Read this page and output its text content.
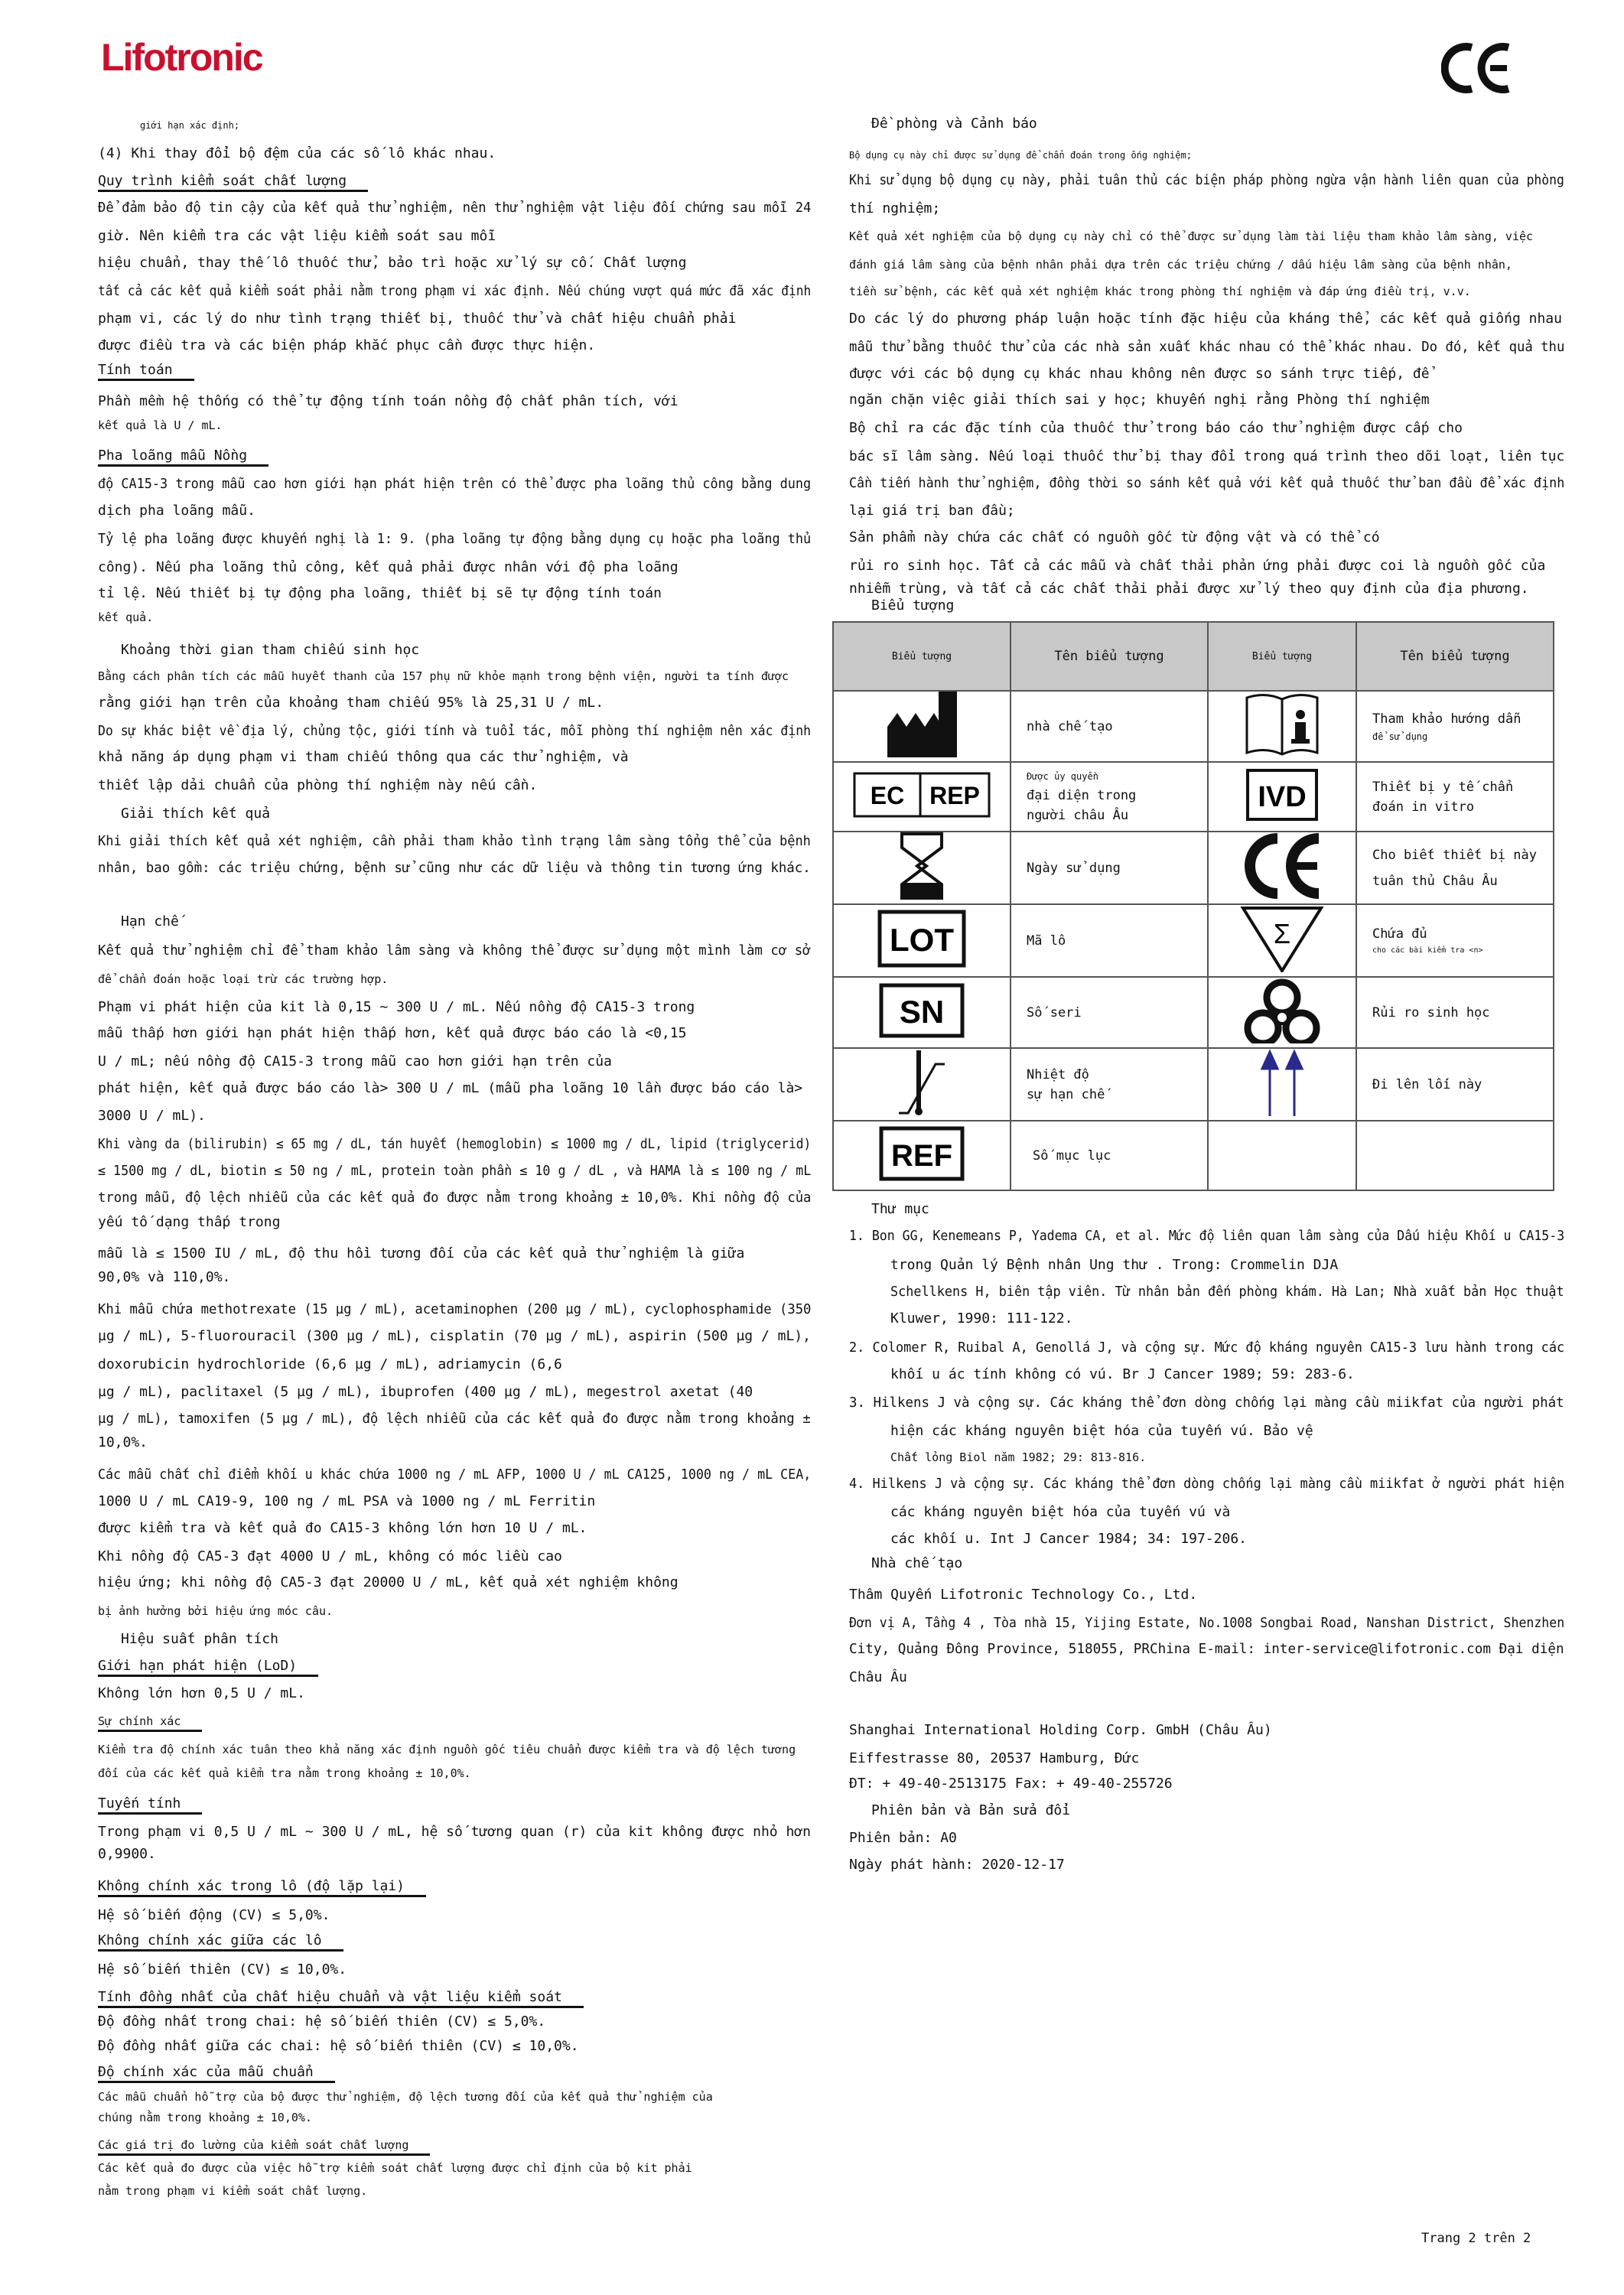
Lifotronic
giới hạn xác định;
(4) Khi thay đổi bộ đệm của các số lô khác nhau.
Quy trình kiểm soát chất lượng
Để đảm bảo độ tin cậy của kết quả thử nghiệm, nên thử nghiệm vật liệu đối chứng sau mỗi 24
giờ. Nên kiểm tra các vật liệu kiểm soát sau mỗi
hiệu chuẩn, thay thế lô thuốc thử, bảo trì hoặc xử lý sự cố. Chất lượng
tất cả các kết quả kiểm soát phải nằm trong phạm vi xác định. Nếu chúng vượt quá mức đã xác định
phạm vi, các lý do như tình trạng thiết bị, thuốc thử và chất hiệu chuẩn phải
được điều tra và các biện pháp khắc phục cần được thực hiện.
Tính toán
Phần mềm hệ thống có thể tự động tính toán nồng độ chất phân tích, với
kết quả là U / mL.
Pha loãng mẫu Nồng
độ CA15-3 trong mẫu cao hơn giới hạn phát hiện trên có thể được pha loãng thủ công bằng dung
dịch pha loãng mẫu.
Tỷ lệ pha loãng được khuyến nghị là 1: 9. (pha loãng tự động bằng dụng cụ hoặc pha loãng thủ
công). Nếu pha loãng thủ công, kết quả phải được nhân với độ pha loãng
tỉ lệ. Nếu thiết bị tự động pha loãng, thiết bị sẽ tự động tính toán
kết quả.
Khoảng thời gian tham chiếu sinh học
Bằng cách phân tích các mẫu huyết thanh của 157 phụ nữ khỏe mạnh trong bệnh viện, người ta tính được
rằng giới hạn trên của khoảng tham chiếu 95% là 25,31 U / mL.
Do sự khác biệt về địa lý, chủng tộc, giới tính và tuổi tác, mỗi phòng thí nghiệm nên xác định
khả năng áp dụng phạm vi tham chiếu thông qua các thử nghiệm, và
thiết lập dải chuẩn của phòng thí nghiệm này nếu cần.
Giải thích kết quả
Khi giải thích kết quả xét nghiệm, cần phải tham khảo tình trạng lâm sàng tổng thể của bệnh
nhân, bao gồm: các triệu chứng, bệnh sử cũng như các dữ liệu và thông tin tương ứng khác.
Hạn chế
Kết quả thử nghiệm chỉ để tham khảo lâm sàng và không thể được sử dụng một mình làm cơ sở
để chẩn đoán hoặc loại trừ các trường hợp.
Phạm vi phát hiện của kit là 0,15 ~ 300 U / mL. Nếu nồng độ CA15-3 trong
mẫu thấp hơn giới hạn phát hiện thấp hơn, kết quả được báo cáo là <0,15
U / mL; nếu nồng độ CA15-3 trong mẫu cao hơn giới hạn trên của
phát hiện, kết quả được báo cáo là> 300 U / mL (mẫu pha loãng 10 lần được báo cáo là>
3000 U / mL).
Khi vàng da (bilirubin) ≤ 65 mg / dL, tán huyết (hemoglobin) ≤ 1000 mg / dL, lipid (triglycerid)
≤ 1500 mg / dL, biotin ≤ 50 ng / mL, protein toàn phần ≤ 10 g / dL , và HAMA là ≤ 100 ng / mL
trong mẫu, độ lệch nhiễu của các kết quả đo được nằm trong khoảng ± 10,0%. Khi nồng độ của
yếu tố dạng thấp trong
mẫu là ≤ 1500 IU / mL, độ thu hồi tương đối của các kết quả thử nghiệm là giữa
90,0% và 110,0%.
Khi mẫu chứa methotrexate (15 µg / mL), acetaminophen (200 µg / mL), cyclophosphamide (350
µg / mL), 5-fluorouracil (300 µg / mL), cisplatin (70 µg / mL), aspirin (500 µg / mL),
doxorubicin hydrochloride (6,6 µg / mL), adriamycin (6,6
µg / mL), paclitaxel (5 µg / mL), ibuprofen (400 µg / mL), megestrol axetat (40
µg / mL), tamoxifen (5 µg / mL), độ lệch nhiễu của các kết quả đo được nằm trong khoảng ±
10,0%.
Các mẫu chất chỉ điểm khối u khác chứa 1000 ng / mL AFP, 1000 U / mL CA125, 1000 ng / mL CEA,
1000 U / mL CA19-9, 100 ng / mL PSA và 1000 ng / mL Ferritin
được kiểm tra và kết quả đo CA15-3 không lớn hơn 10 U / mL.
Khi nồng độ CA5-3 đạt 4000 U / mL, không có móc liều cao
hiệu ứng; khi nồng độ CA5-3 đạt 20000 U / mL, kết quả xét nghiệm không
bị ảnh hưởng bởi hiệu ứng móc câu.
Hiệu suất phân tích
Giới hạn phát hiện (LoD)
Không lớn hơn 0,5 U / mL.
Sự chính xác
Kiểm tra độ chính xác tuân theo khả năng xác định nguồn gốc tiêu chuẩn được kiểm tra và độ lệch tương
đối của các kết quả kiểm tra nằm trong khoảng ± 10,0%.
Tuyến tính
Trong phạm vi 0,5 U / mL ~ 300 U / mL, hệ số tương quan (r) của kit không được nhỏ hơn
0,9900.
Không chính xác trong lô (độ lặp lại)
Hệ số biến động (CV) ≤ 5,0%.
Không chính xác giữa các lô
Hệ số biến thiên (CV) ≤ 10,0%.
Tính đồng nhất của chất hiệu chuẩn và vật liệu kiểm soát
Độ đồng nhất trong chai: hệ số biến thiên (CV) ≤ 5,0%.
Độ đồng nhất giữa các chai: hệ số biến thiên (CV) ≤ 10,0%.
Độ chính xác của mẫu chuẩn
Các mẫu chuẩn hỗ trợ của bộ được thử nghiệm, độ lệch tương đối của kết quả thử nghiệm của
chúng nằm trong khoảng ± 10,0%.
Các giá trị đo lường của kiểm soát chất lượng
Các kết quả đo được của việc hỗ trợ kiểm soát chất lượng được chỉ định của bộ kit phải
nằm trong phạm vi kiểm soát chất lượng.
Đề phòng và Cảnh báo
Bộ dụng cụ này chỉ được sử dụng để chẩn đoán trong ống nghiệm;
Khi sử dụng bộ dụng cụ này, phải tuân thủ các biện pháp phòng ngừa vận hành liên quan của phòng
thí nghiệm;
Kết quả xét nghiệm của bộ dụng cụ này chỉ có thể được sử dụng làm tài liệu tham khảo lâm sàng, việc
đánh giá lâm sàng của bệnh nhân phải dựa trên các triệu chứng / dấu hiệu lâm sàng của bệnh nhân,
tiền sử bệnh, các kết quả xét nghiệm khác trong phòng thí nghiệm và đáp ứng điều trị, v.v.
Do các lý do phương pháp luận hoặc tính đặc hiệu của kháng thể, các kết quả giống nhau
mẫu thử bằng thuốc thử của các nhà sản xuất khác nhau có thể khác nhau. Do đó, kết quả thu
được với các bộ dụng cụ khác nhau không nên được so sánh trực tiếp, để
ngăn chặn việc giải thích sai y học; khuyến nghị rằng Phòng thí nghiệm
Bộ chỉ ra các đặc tính của thuốc thử trong báo cáo thử nghiệm được cấp cho
bác sĩ lâm sàng. Nếu loại thuốc thử bị thay đổi trong quá trình theo dõi loạt, liên tục
Cần tiến hành thử nghiệm, đồng thời so sánh kết quả với kết quả thuốc thử ban đầu để xác định
lại giá trị ban đầu;
Sản phẩm này chứa các chất có nguồn gốc từ động vật và có thể có
rủi ro sinh học. Tất cả các mẫu và chất thải phản ứng phải được coi là nguồn gốc của
nhiễm trùng, và tất cả các chất thải phải được xử lý theo quy định của địa phương.
Biểu tượng
Thư mục
1. Bon GG, Kenemeans P, Yadema CA, et al. Mức độ liên quan lâm sàng của Dấu hiệu Khối u CA15-3
trong Quản lý Bệnh nhân Ung thư . Trong: Crommelin DJA
Schellkens H, biên tập viên. Từ nhân bản đến phòng khám. Hà Lan; Nhà xuất bản Học thuật
Kluwer, 1990: 111-122.
2. Colomer R, Ruibal A, Genollá J, và cộng sự. Mức độ kháng nguyên CA15-3 lưu hành trong các
khối u ác tính không có vú. Br J Cancer 1989; 59: 283-6.
3. Hilkens J và cộng sự. Các kháng thể đơn dòng chống lại màng cầu miikfat của người phát
hiện các kháng nguyên biệt hóa của tuyến vú. Bảo vệ
Chất lỏng Biol năm 1982; 29: 813-816.
4. Hilkens J và cộng sự. Các kháng thể đơn dòng chống lại màng cầu miikfat ở người phát hiện
các kháng nguyên biệt hóa của tuyến vú và
các khối u. Int J Cancer 1984; 34: 197-206.
Nhà chế tạo
Thâm Quyến Lifotronic Technology Co., Ltd.
Đơn vị A, Tầng 4 , Tòa nhà 15, Yijing Estate, No.1008 Songbai Road, Nanshan District, Shenzhen
City, Quảng Đông Province, 518055, PRChina E-mail: inter-service@lifotronic.com Đại diện
Châu Âu
Shanghai International Holding Corp. GmbH (Châu Âu)
Eiffestrasse 80, 20537 Hamburg, Đức
ĐT: + 49-40-2513175 Fax: + 49-40-255726
Phiên bản và Bản sửa đổi
Phiên bản: A0
Ngày phát hành: 2020-12-17
Biểu tượng	Tên biểu tượng	Biểu tượng	Tên biểu tượng
	nhà chế tạo		Tham khảo hướng dẫn
để sử dụng

EC REP	Được ủy quyền
đại diện trong
người châu Âu	IVD	Thiết bị y tế chẩn
đoán in vitro

	Ngày sử dụng		Cho biết thiết bị này
tuân thủ Châu Âu

LOT	Mã lô	Σ	Chứa đủ
cho các bài kiểm tra <n>

SN	Số seri		Rủi ro sinh học

Nhiệt độ
sự hạn chế		Đi lên lối này

REF	Số mục lục		
Trang 2 trên 2
